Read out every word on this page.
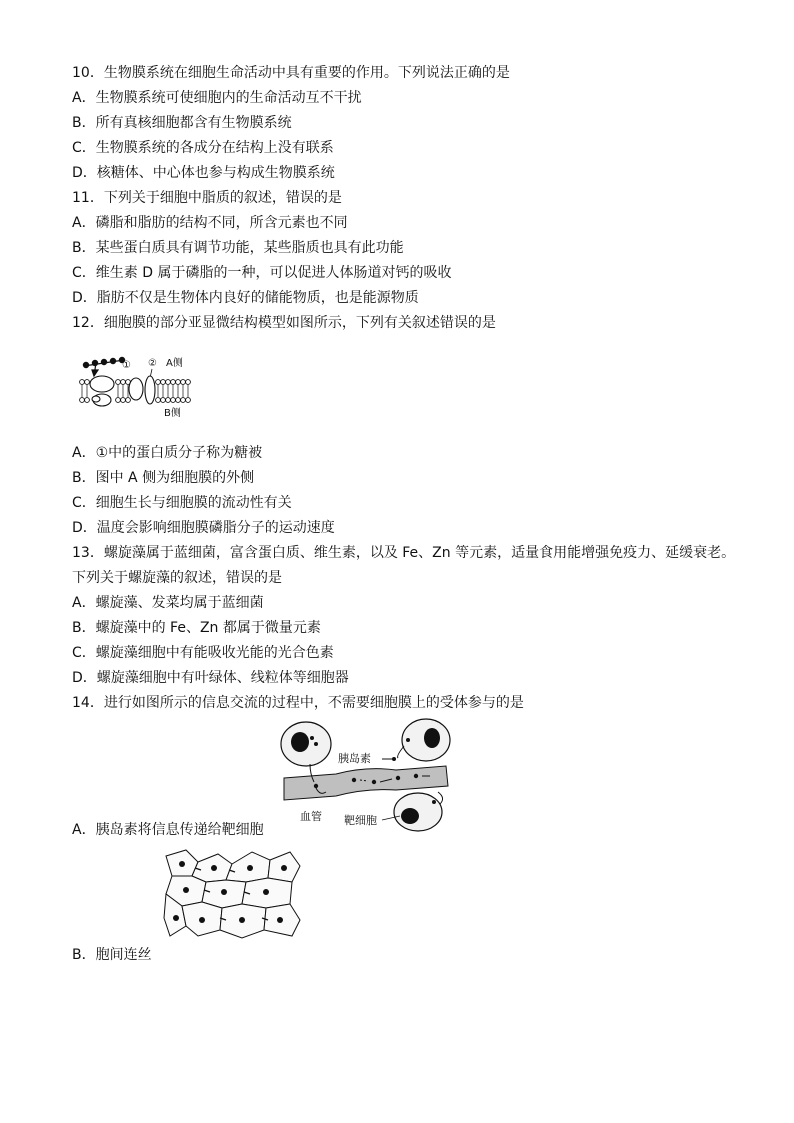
10．生物膜系统在细胞生命活动中具有重要的作用。下列说法正确的是
A．生物膜系统可使细胞内的生命活动互不干扰
B．所有真核细胞都含有生物膜系统
C．生物膜系统的各成分在结构上没有联系
D．核糖体、中心体也参与构成生物膜系统
11．下列关于细胞中脂质的叙述，错误的是
A．磷脂和脂肪的结构不同，所含元素也不同
B．某些蛋白质具有调节功能，某些脂质也具有此功能
C．维生素 D 属于磷脂的一种，可以促进人体肠道对钙的吸收
D．脂肪不仅是生物体内良好的储能物质，也是能源物质
12．细胞膜的部分亚显微结构模型如图所示，下列有关叙述错误的是
① ② A侧
B侧
A．①中的蛋白质分子称为糖被
B．图中 A 侧为细胞膜的外侧
C．细胞生长与细胞膜的流动性有关
D．温度会影响细胞膜磷脂分子的运动速度
13．螺旋藻属于蓝细菌，富含蛋白质、维生素，以及 Fe、Zn 等元素，适量食用能增强免疫力、延缓衰老。
下列关于螺旋藻的叙述，错误的是
A．螺旋藻、发菜均属于蓝细菌
B．螺旋藻中的 Fe、Zn 都属于微量元素
C．螺旋藻细胞中有能吸收光能的光合色素
D．螺旋藻细胞中有叶绿体、线粒体等细胞器
14．进行如图所示的信息交流的过程中，不需要细胞膜上的受体参与的是
胰岛素
血管 靶细胞
A．胰岛素将信息传递给靶细胞
B．胞间连丝
